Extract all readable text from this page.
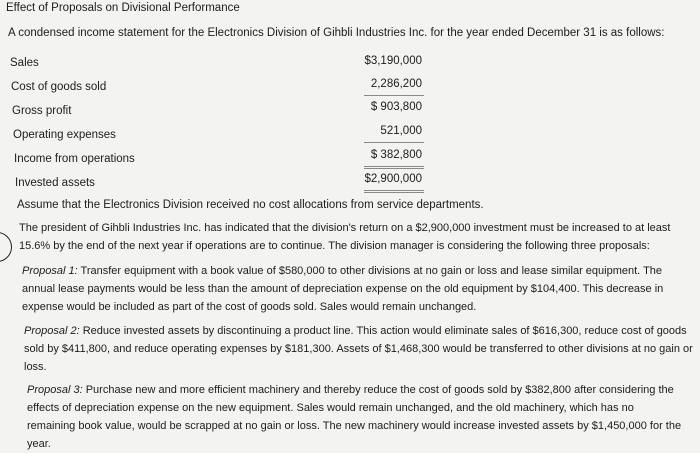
Effect of Proposals on Divisional Performance
A condensed income statement for the Electronics Division of Gihbli Industries Inc. for the year ended December 31 is as follows:
Sales	$3,190,000
Cost of goods sold	2,286,200
Gross profit	$ 903,800
Operating expenses	521,000
Income from operations	$ 382,800
Invested assets	$2,900,000
Assume that the Electronics Division received no cost allocations from service departments.
The president of Gihbli Industries Inc. has indicated that the division's return on a $2,900,000 investment must be increased to at least 15.6% by the end of the next year if operations are to continue. The division manager is considering the following three proposals:
Proposal 1: Transfer equipment with a book value of $580,000 to other divisions at no gain or loss and lease similar equipment. The annual lease payments would be less than the amount of depreciation expense on the old equipment by $104,400. This decrease in expense would be included as part of the cost of goods sold. Sales would remain unchanged.
Proposal 2: Reduce invested assets by discontinuing a product line. This action would eliminate sales of $616,300, reduce cost of goods sold by $411,800, and reduce operating expenses by $181,300. Assets of $1,468,300 would be transferred to other divisions at no gain or loss.
Proposal 3: Purchase new and more efficient machinery and thereby reduce the cost of goods sold by $382,800 after considering the effects of depreciation expense on the new equipment. Sales would remain unchanged, and the old machinery, which has no remaining book value, would be scrapped at no gain or loss. The new machinery would increase invested assets by $1,450,000 for the year.
